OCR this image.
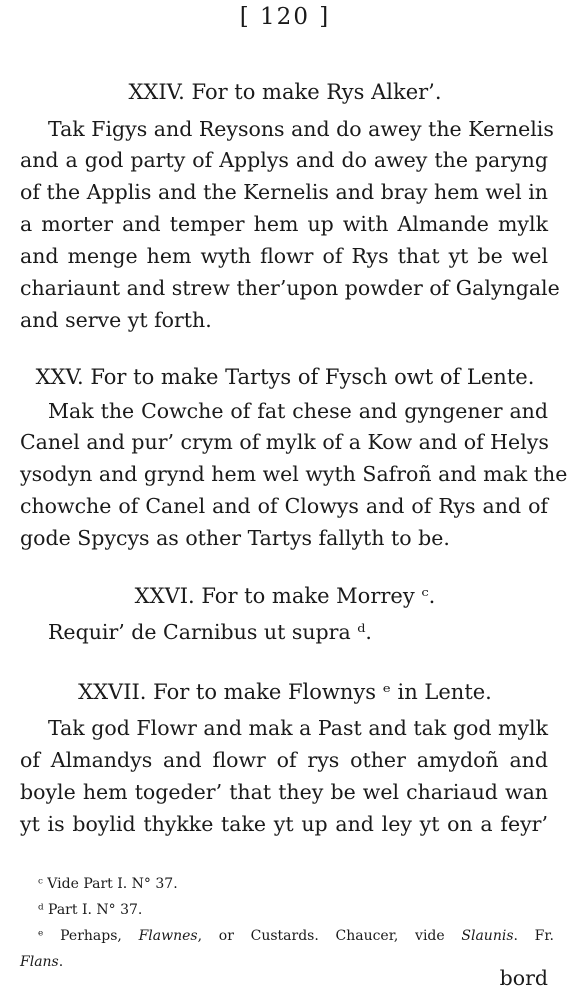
[ 120 ]
XXIV. For to make Rys Alker’.
Tak Figys and Reysons and do awey the Kernelis
and a god party of Applys and do awey the paryng
of the Applis and the Kernelis and bray hem wel in
a morter and temper hem up with Almande mylk
and menge hem wyth flowr of Rys that yt be wel
chariaunt and strew ther’upon powder of Galyngale
and serve yt forth.
XXV. For to make Tartys of Fysch owt of Lente.
Mak the Cowche of fat chese and gyngener and
Canel and pur’ crym of mylk of a Kow and of Helys
ysodyn and grynd hem wel wyth Safroñ and mak the
chowche of Canel and of Clowys and of Rys and of
gode Spycys as other Tartys fallyth to be.
XXVI. For to make Morrey ᶜ.
Requir’ de Carnibus ut supra ᵈ.
XXVII. For to make Flownys ᵉ in Lente.
Tak god Flowr and mak a Past and tak god mylk
of Almandys and flowr of rys other amydoñ and
boyle hem togeder’ that they be wel chariaud wan
yt is boylid thykke take yt up and ley yt on a feyr’
ᶜ Vide Part I. N° 37.
ᵈ Part I. N° 37.
ᵉ Perhaps, Flawnes, or Custards. Chaucer, vide Slaunis. Fr.
Flans.
bord
